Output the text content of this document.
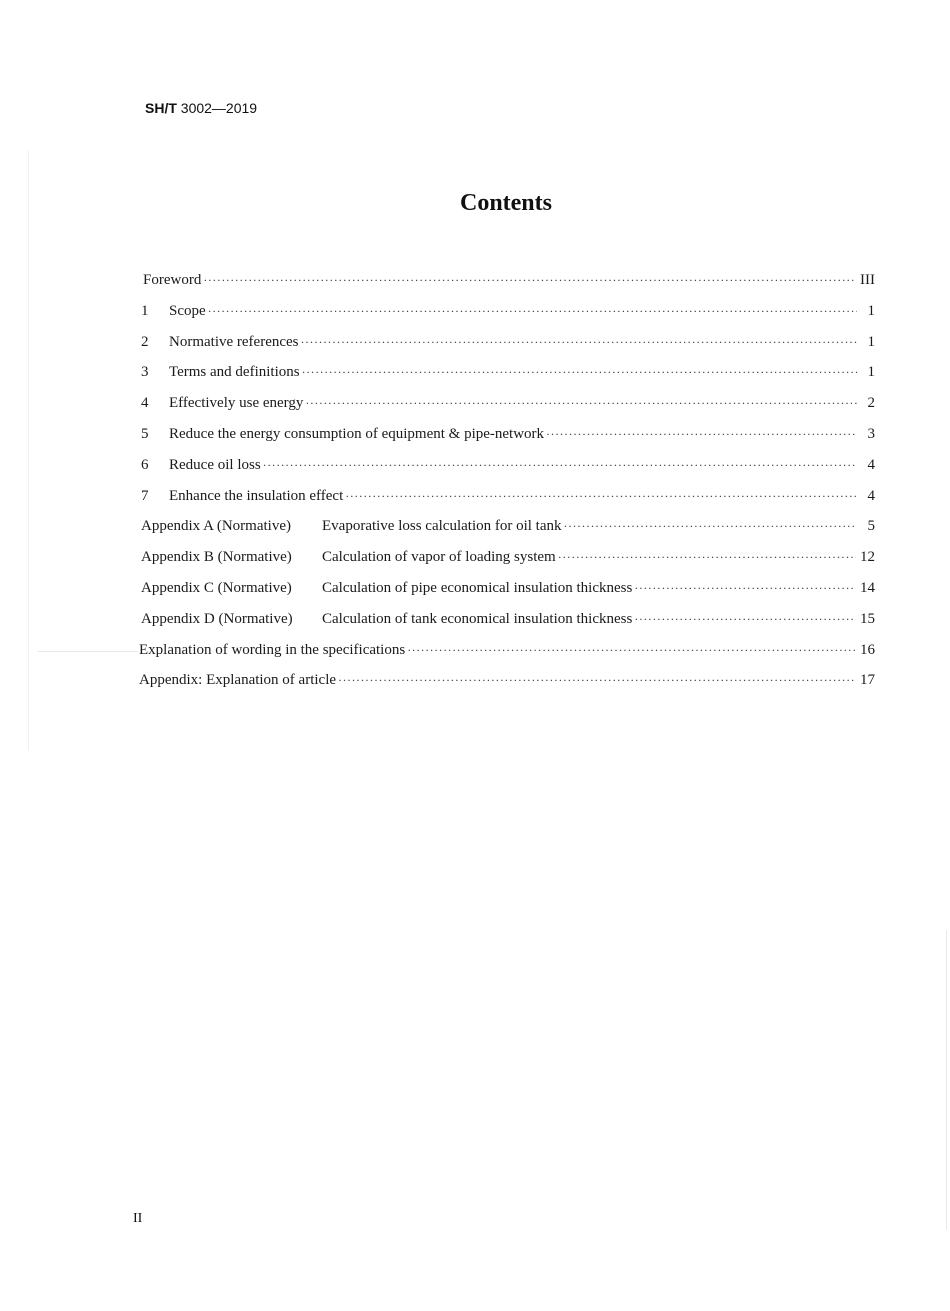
SH/T 3002—2019
Contents
Foreword ·····	III
1	Scope ·····	1
2	Normative references ·····	1
3	Terms and definitions ·····	1
4	Effectively use energy ·····	2
5	Reduce the energy consumption of equipment & pipe-network ·····	3
6	Reduce oil loss ·····	4
7	Enhance the insulation effect ·····	4
Appendix A (Normative)	Evaporative loss calculation for oil tank ·····	5
Appendix B (Normative)	Calculation of vapor of loading system ·····	12
Appendix C (Normative)	Calculation of pipe economical insulation thickness ·····	14
Appendix D (Normative)	Calculation of tank economical insulation thickness ·····	15
Explanation of wording in the specifications ·····	16
Appendix: Explanation of article ·····	17
II
